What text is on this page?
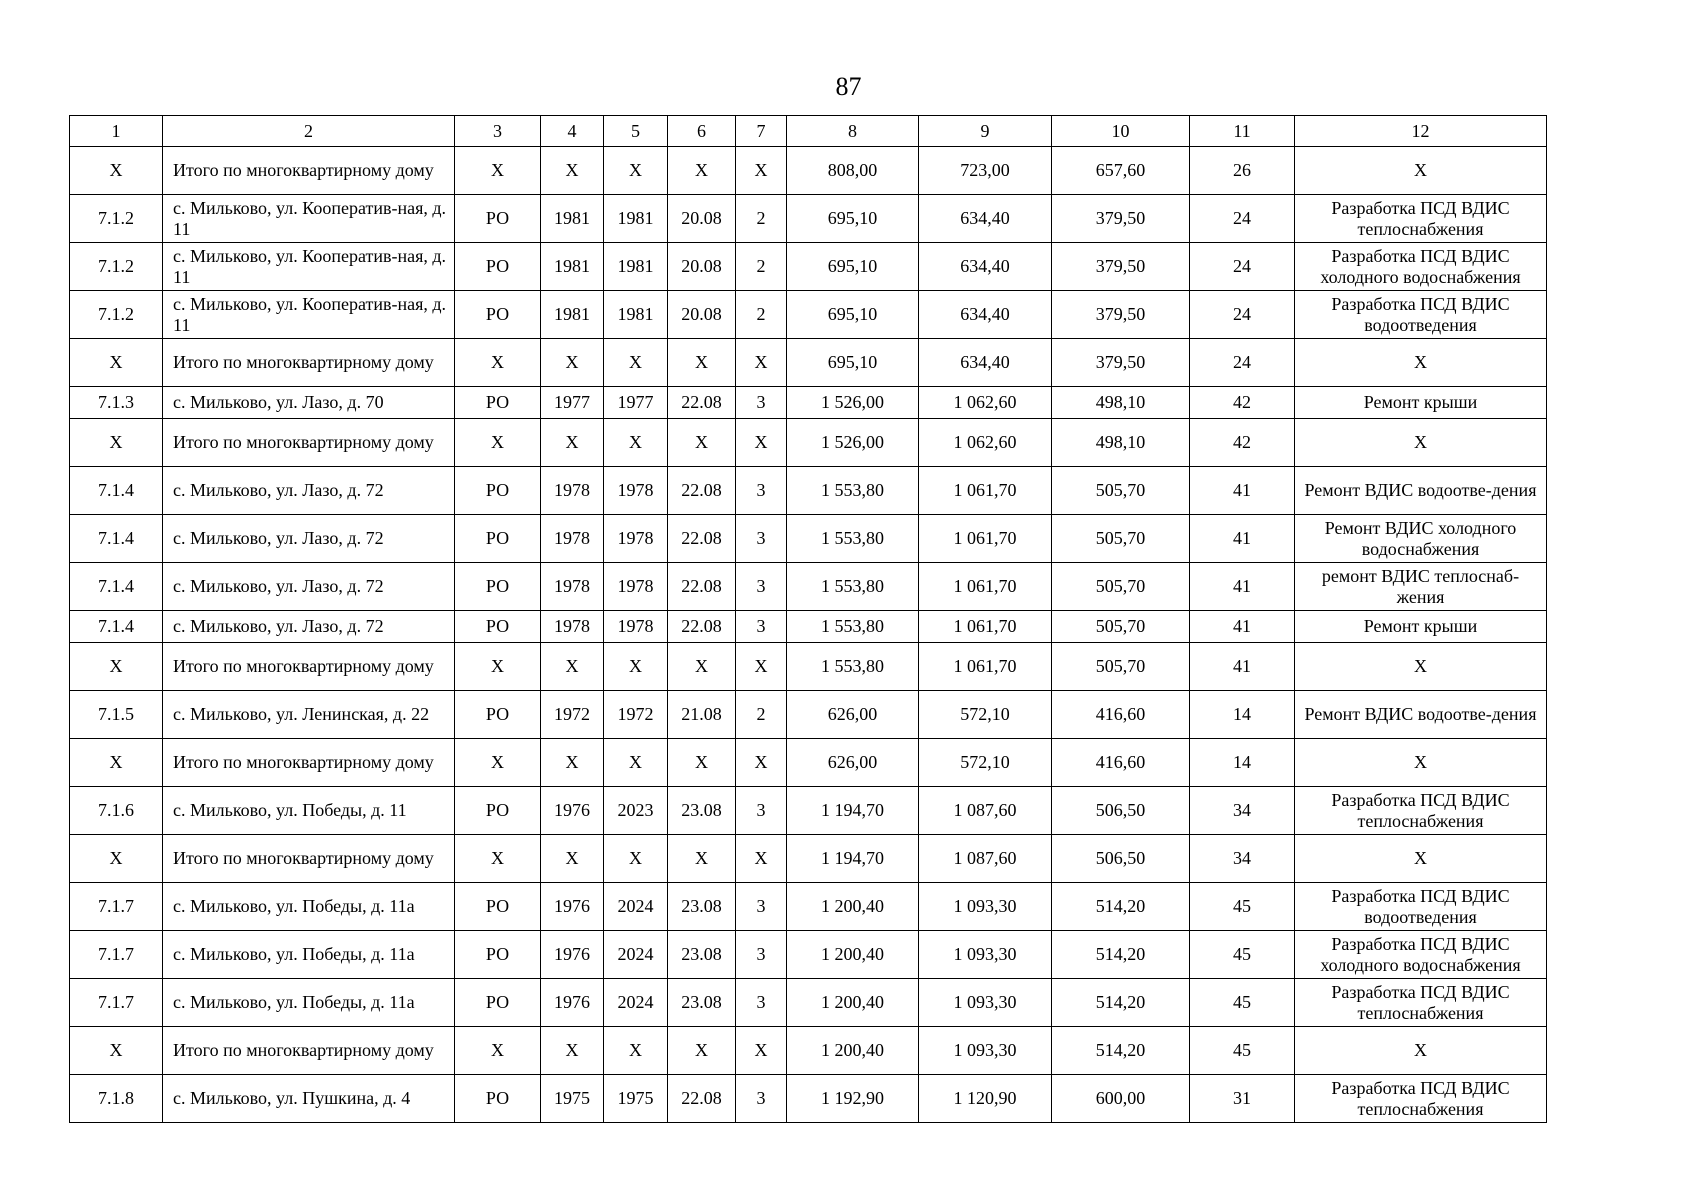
87
1	2	3	4	5	6	7	8	9	10	11	12
Х	Итого по многоквартирному дому	Х	Х	Х	Х	Х	808,00	723,00	657,60	26	Х
7.1.2	с. Мильково, ул. Кооператив-ная, д. 11	РО	1981	1981	20.08	2	695,10	634,40	379,50	24	Разработка ПСД ВДИС теплоснабжения
7.1.2	с. Мильково, ул. Кооператив-ная, д. 11	РО	1981	1981	20.08	2	695,10	634,40	379,50	24	Разработка ПСД ВДИС холодного водоснабжения
7.1.2	с. Мильково, ул. Кооператив-ная, д. 11	РО	1981	1981	20.08	2	695,10	634,40	379,50	24	Разработка ПСД ВДИС водоотведения
Х	Итого по многоквартирному дому	Х	Х	Х	Х	Х	695,10	634,40	379,50	24	Х
7.1.3	с. Мильково, ул. Лазо, д. 70	РО	1977	1977	22.08	3	1 526,00	1 062,60	498,10	42	Ремонт крыши
Х	Итого по многоквартирному дому	Х	Х	Х	Х	Х	1 526,00	1 062,60	498,10	42	Х
7.1.4	с. Мильково, ул. Лазо, д. 72	РО	1978	1978	22.08	3	1 553,80	1 061,70	505,70	41	Ремонт ВДИС водоотве-дения
7.1.4	с. Мильково, ул. Лазо, д. 72	РО	1978	1978	22.08	3	1 553,80	1 061,70	505,70	41	Ремонт ВДИС холодного водоснабжения
7.1.4	с. Мильково, ул. Лазо, д. 72	РО	1978	1978	22.08	3	1 553,80	1 061,70	505,70	41	ремонт ВДИС теплоснаб-жения
7.1.4	с. Мильково, ул. Лазо, д. 72	РО	1978	1978	22.08	3	1 553,80	1 061,70	505,70	41	Ремонт крыши
Х	Итого по многоквартирному дому	Х	Х	Х	Х	Х	1 553,80	1 061,70	505,70	41	Х
7.1.5	с. Мильково, ул. Ленинская, д. 22	РО	1972	1972	21.08	2	626,00	572,10	416,60	14	Ремонт ВДИС водоотве-дения
Х	Итого по многоквартирному дому	Х	Х	Х	Х	Х	626,00	572,10	416,60	14	Х
7.1.6	с. Мильково, ул. Победы, д. 11	РО	1976	2023	23.08	3	1 194,70	1 087,60	506,50	34	Разработка ПСД ВДИС теплоснабжения
Х	Итого по многоквартирному дому	Х	Х	Х	Х	Х	1 194,70	1 087,60	506,50	34	Х
7.1.7	с. Мильково, ул. Победы, д. 11а	РО	1976	2024	23.08	3	1 200,40	1 093,30	514,20	45	Разработка ПСД ВДИС водоотведения
7.1.7	с. Мильково, ул. Победы, д. 11а	РО	1976	2024	23.08	3	1 200,40	1 093,30	514,20	45	Разработка ПСД ВДИС холодного водоснабжения
7.1.7	с. Мильково, ул. Победы, д. 11а	РО	1976	2024	23.08	3	1 200,40	1 093,30	514,20	45	Разработка ПСД ВДИС теплоснабжения
Х	Итого по многоквартирному дому	Х	Х	Х	Х	Х	1 200,40	1 093,30	514,20	45	Х
7.1.8	с. Мильково, ул. Пушкина, д. 4	РО	1975	1975	22.08	3	1 192,90	1 120,90	600,00	31	Разработка ПСД ВДИС теплоснабжения
